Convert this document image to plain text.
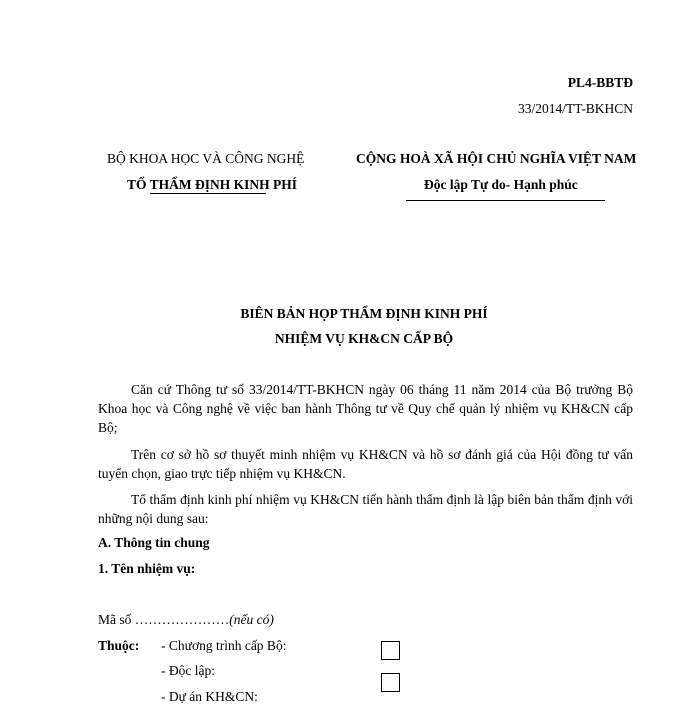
PL4-BBTĐ
33/2014/TT-BKHCN
BỘ KHOA HỌC VÀ CÔNG NGHỆ
TỔ THẨM ĐỊNH KINH PHÍ
CỘNG HOÀ XÃ HỘI CHỦ NGHĨA VIỆT NAM
Độc lập Tự do- Hạnh phúc
BIÊN BẢN HỌP THẨM ĐỊNH KINH PHÍ
NHIỆM VỤ KH&CN CẤP BỘ
Căn cứ Thông tư số 33/2014/TT-BKHCN ngày 06 tháng 11 năm 2014 của Bộ trưởng Bộ Khoa học và Công nghệ về việc ban hành Thông tư về Quy chế quản lý nhiệm vụ KH&CN cấp Bộ;
Trên cơ sở hồ sơ thuyết minh nhiệm vụ KH&CN và hồ sơ đánh giá của Hội đồng tư vấn tuyển chọn, giao trực tiếp nhiệm vụ KH&CN.
Tổ thẩm định kinh phí nhiệm vụ KH&CN tiến hành thẩm định là lập biên bản thẩm định với những nội dung sau:
A. Thông tin chung
1. Tên nhiệm vụ:
Mã số …………………(nếu có)
Thuộc: - Chương trình cấp Bộ:
- Độc lập:
- Dự án KH&CN:
